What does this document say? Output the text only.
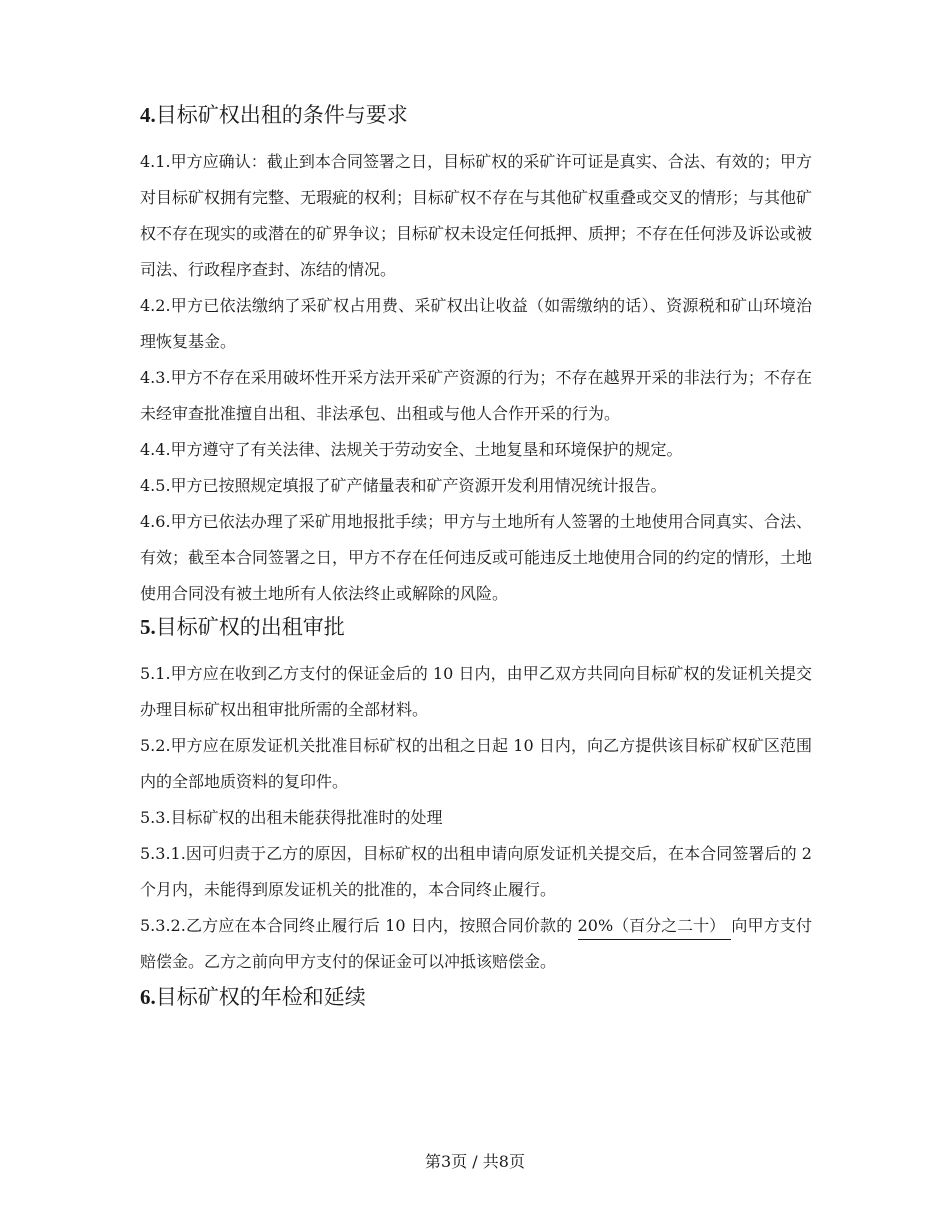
4.目标矿权出租的条件与要求

4.1.甲方应确认：截止到本合同签署之日，目标矿权的采矿许可证是真实、合法、有效的；甲方对目标矿权拥有完整、无瑕疵的权利；目标矿权不存在与其他矿权重叠或交叉的情形；与其他矿权不存在现实的或潜在的矿界争议；目标矿权未设定任何抵押、质押；不存在任何涉及诉讼或被司法、行政程序查封、冻结的情况。

4.2.甲方已依法缴纳了采矿权占用费、采矿权出让收益（如需缴纳的话）、资源税和矿山环境治理恢复基金。

4.3.甲方不存在采用破坏性开采方法开采矿产资源的行为；不存在越界开采的非法行为；不存在未经审查批准擅自出租、非法承包、出租或与他人合作开采的行为。

4.4.甲方遵守了有关法律、法规关于劳动安全、土地复垦和环境保护的规定。

4.5.甲方已按照规定填报了矿产储量表和矿产资源开发利用情况统计报告。

4.6.甲方已依法办理了采矿用地报批手续；甲方与土地所有人签署的土地使用合同真实、合法、有效；截至本合同签署之日，甲方不存在任何违反或可能违反土地使用合同的约定的情形，土地使用合同没有被土地所有人依法终止或解除的风险。

5.目标矿权的出租审批

5.1.甲方应在收到乙方支付的保证金后的 10 日内，由甲乙双方共同向目标矿权的发证机关提交办理目标矿权出租审批所需的全部材料。

5.2.甲方应在原发证机关批准目标矿权的出租之日起 10 日内，向乙方提供该目标矿权矿区范围内的全部地质资料的复印件。

5.3.目标矿权的出租未能获得批准时的处理

5.3.1.因可归责于乙方的原因，目标矿权的出租申请向原发证机关提交后，在本合同签署后的 2 个月内，未能得到原发证机关的批准的，本合同终止履行。

5.3.2.乙方应在本合同终止履行后 10 日内，按照合同价款的 20%（百分之二十） 向甲方支付赔偿金。乙方之前向甲方支付的保证金可以冲抵该赔偿金。

6.目标矿权的年检和延续
第3页 / 共8页
